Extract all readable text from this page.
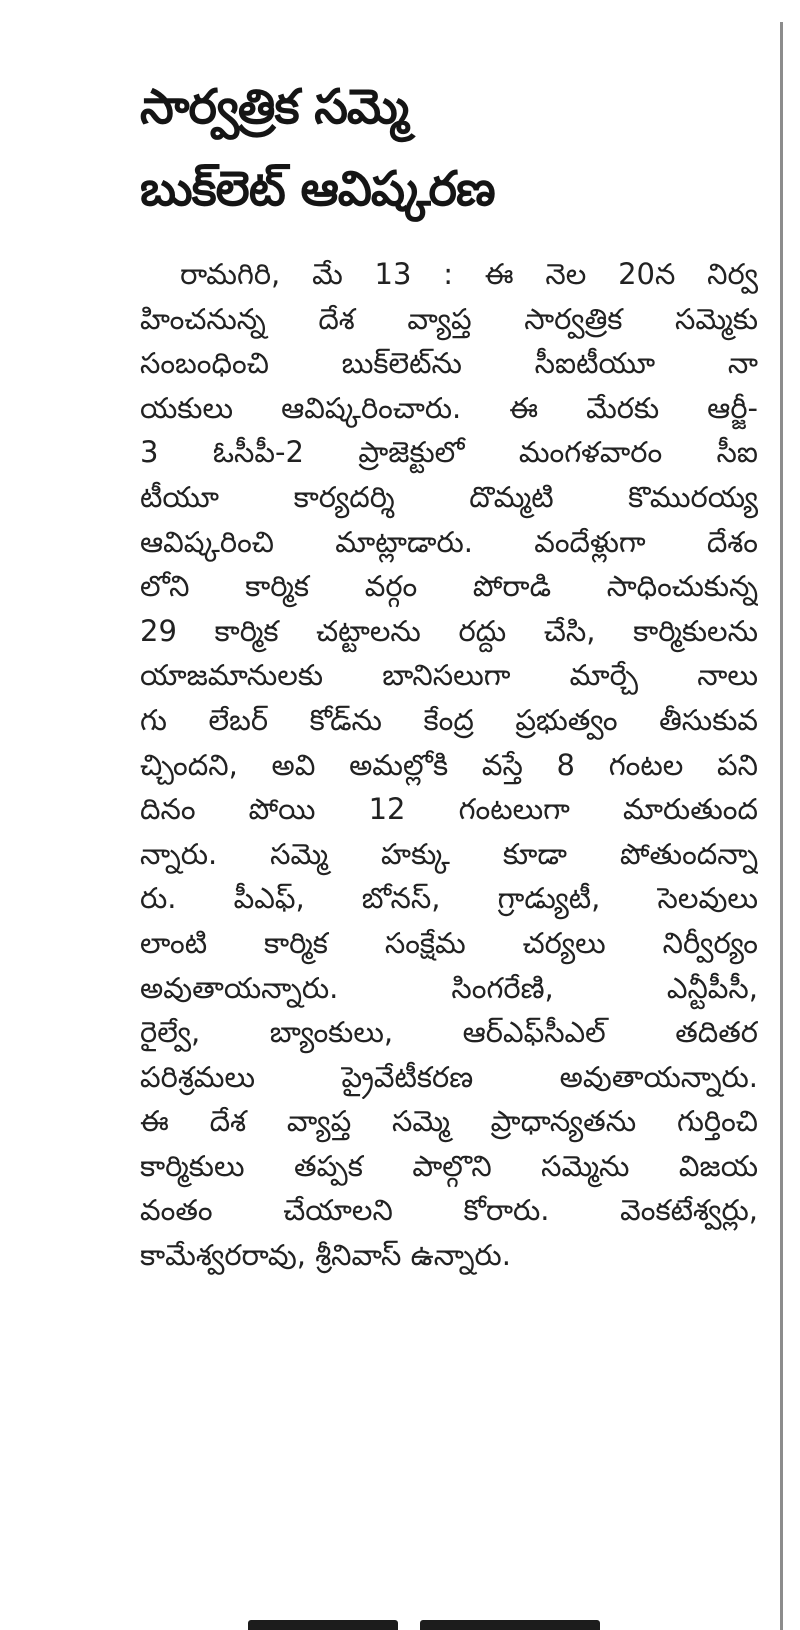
సార్వత్రిక సమ్మె
బుక్‌లెట్ ఆవిష్కరణ
రామగిరి, మే 13 : ఈ నెల 20న నిర్వ
హించనున్న దేశ వ్యాప్త సార్వత్రిక సమ్మెకు
సంబంధించి బుక్‌లెట్‌ను సీఐటీయూ నా
యకులు ఆవిష్కరించారు. ఈ మేరకు ఆర్జీ-
3 ఓసీపీ-2 ప్రాజెక్టులో మంగళవారం సీఐ
టీయూ కార్యదర్శి దొమ్మటి కొమురయ్య
ఆవిష్కరించి మాట్లాడారు. వందేళ్లుగా దేశం
లోని కార్మిక వర్గం పోరాడి సాధించుకున్న
29 కార్మిక చట్టాలను రద్దు చేసి, కార్మికులను
యాజమానులకు బానిసలుగా మార్చే నాలు
గు లేబర్ కోడ్‌ను కేంద్ర ప్రభుత్వం తీసుకువ
చ్చిందని, అవి అమల్లోకి వస్తే 8 గంటల పని
దినం పోయి 12 గంటలుగా మారుతుంద
న్నారు. సమ్మె హక్కు కూడా పోతుందన్నా
రు. పీఎఫ్, బోనస్, గ్రాడ్యుటీ, సెలవులు
లాంటి కార్మిక సంక్షేమ చర్యలు నిర్వీర్యం
అవుతాయన్నారు. సింగరేణి, ఎన్టీపీసీ,
రైల్వే, బ్యాంకులు, ఆర్‌ఎఫ్‌సీఎల్ తదితర
పరిశ్రమలు ప్రైవేటీకరణ అవుతాయన్నారు.
ఈ దేశ వ్యాప్త సమ్మె ప్రాధాన్యతను గుర్తించి
కార్మికులు తప్పక పాల్గొని సమ్మెను విజయ
వంతం చేయాలని కోరారు. వెంకటేశ్వర్లు,
కామేశ్వరరావు, శ్రీనివాస్ ఉన్నారు.
